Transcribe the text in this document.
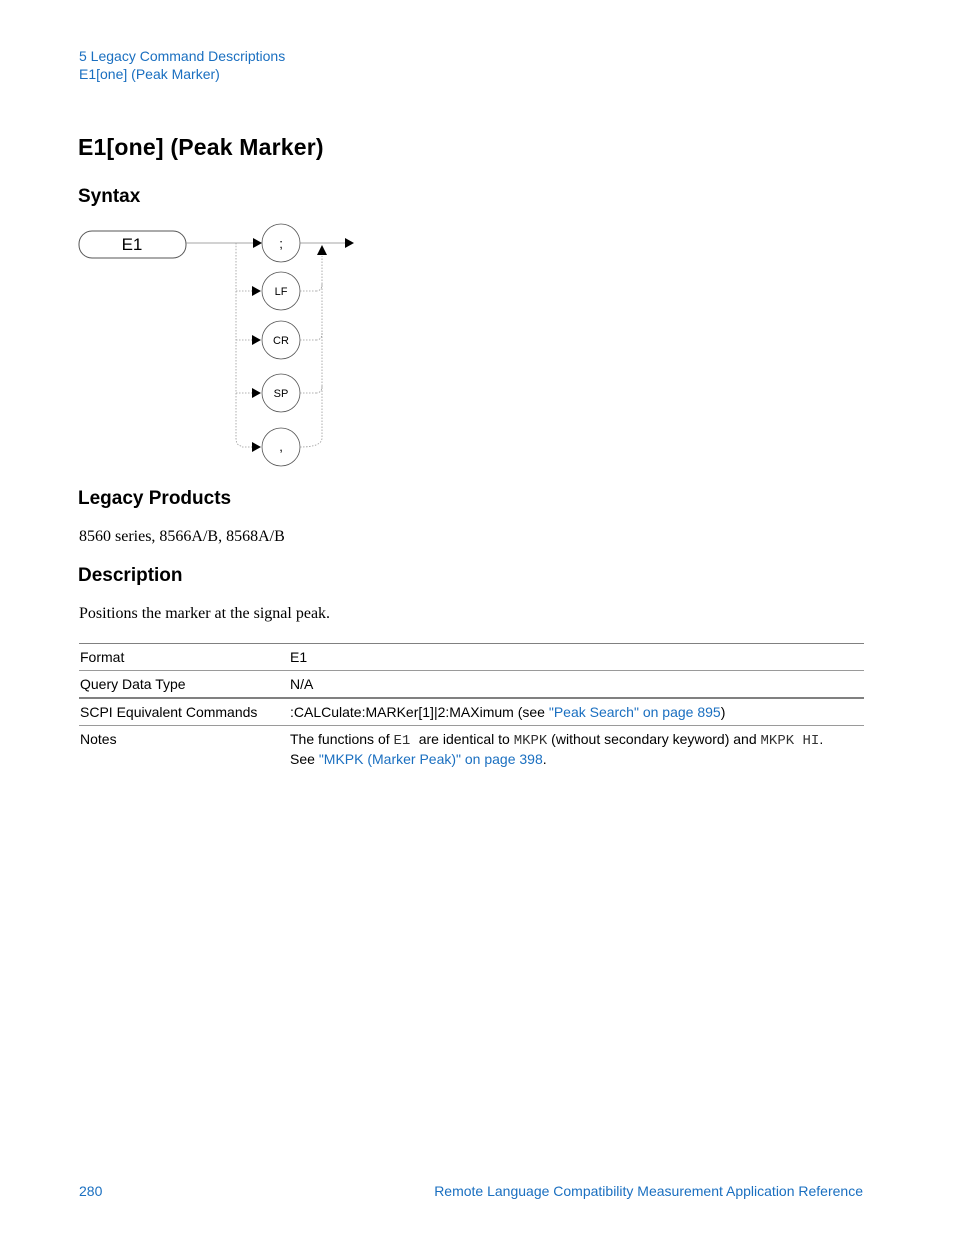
5 Legacy Command Descriptions
E1[one] (Peak Marker)
E1[one] (Peak Marker)
Syntax
E1	;
LF
CR
SP
,
Legacy Products

8560 series, 8566A/B, 8568A/B

Description

Positions the marker at the signal peak.

Format	E1
Query Data Type	N/A
SCPI Equivalent Commands	:CALCulate:MARKer[1]|2:MAXimum (see "Peak Search" on page 895)
Notes	The functions of E1 are identical to MKPK (without secondary keyword) and MKPK HI.
See "MKPK (Marker Peak)" on page 398.
280	Remote Language Compatibility Measurement Application Reference
